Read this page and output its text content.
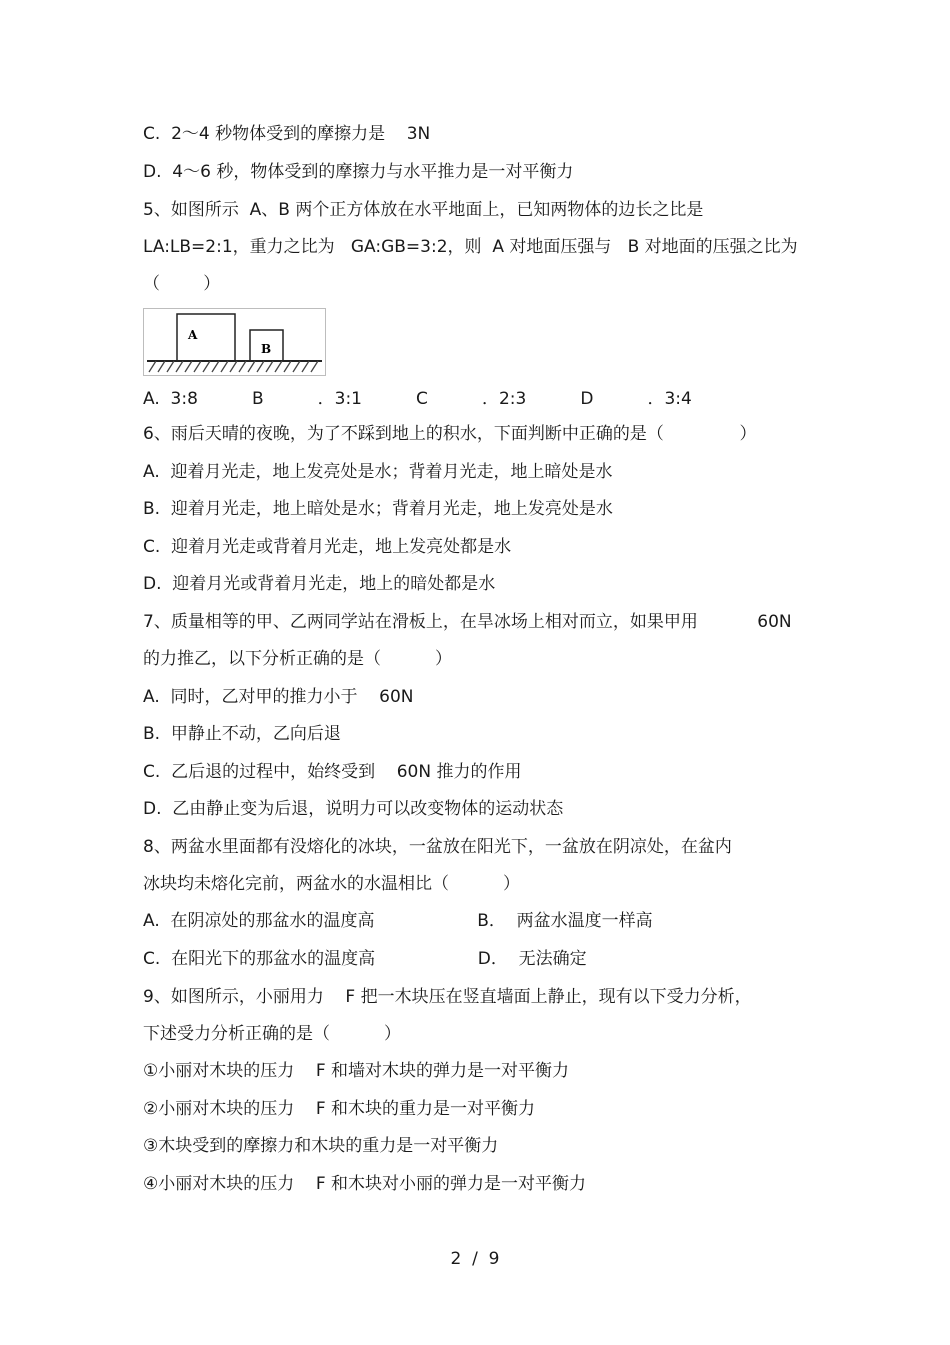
C.  2～4 秒物体受到的摩擦力是    3N
D.  4～6 秒，物体受到的摩擦力与水平推力是一对平衡力
5、如图所示  A、B 两个正方体放在水平地面上，已知两物体的边长之比是
LA:LB=2:1，重力之比为   GA:GB=3:2，则  A 对地面压强与   B 对地面的压强之比为
（        ）
A
B
A.  3:8          B          ．3:1          C          ．2:3          D          ．3:4
6、雨后天晴的夜晚，为了不踩到地上的积水，下面判断中正确的是（              ）
A.  迎着月光走，地上发亮处是水；背着月光走，地上暗处是水
B.  迎着月光走，地上暗处是水；背着月光走，地上发亮处是水
C.  迎着月光走或背着月光走，地上发亮处都是水
D.  迎着月光或背着月光走，地上的暗处都是水
7、质量相等的甲、乙两同学站在滑板上，在旱冰场上相对而立，如果甲用           60N
的力推乙，以下分析正确的是（          ）
A.  同时，乙对甲的推力小于    60N
B.  甲静止不动，乙向后退
C.  乙后退的过程中，始终受到    60N 推力的作用
D.  乙由静止变为后退，说明力可以改变物体的运动状态
8、两盆水里面都有没熔化的冰块，一盆放在阳光下，一盆放在阴凉处，在盆内
冰块均未熔化完前，两盆水的水温相比（          ）
A.  在阴凉处的那盆水的温度高                   B．  两盆水温度一样高
C.  在阳光下的那盆水的温度高                   D．  无法确定
9、如图所示，小丽用力    F 把一木块压在竖直墙面上静止，现有以下受力分析，
下述受力分析正确的是（          ）
①小丽对木块的压力    F 和墙对木块的弹力是一对平衡力
②小丽对木块的压力    F 和木块的重力是一对平衡力
③木块受到的摩擦力和木块的重力是一对平衡力
④小丽对木块的压力    F 和木块对小丽的弹力是一对平衡力
2  /  9
